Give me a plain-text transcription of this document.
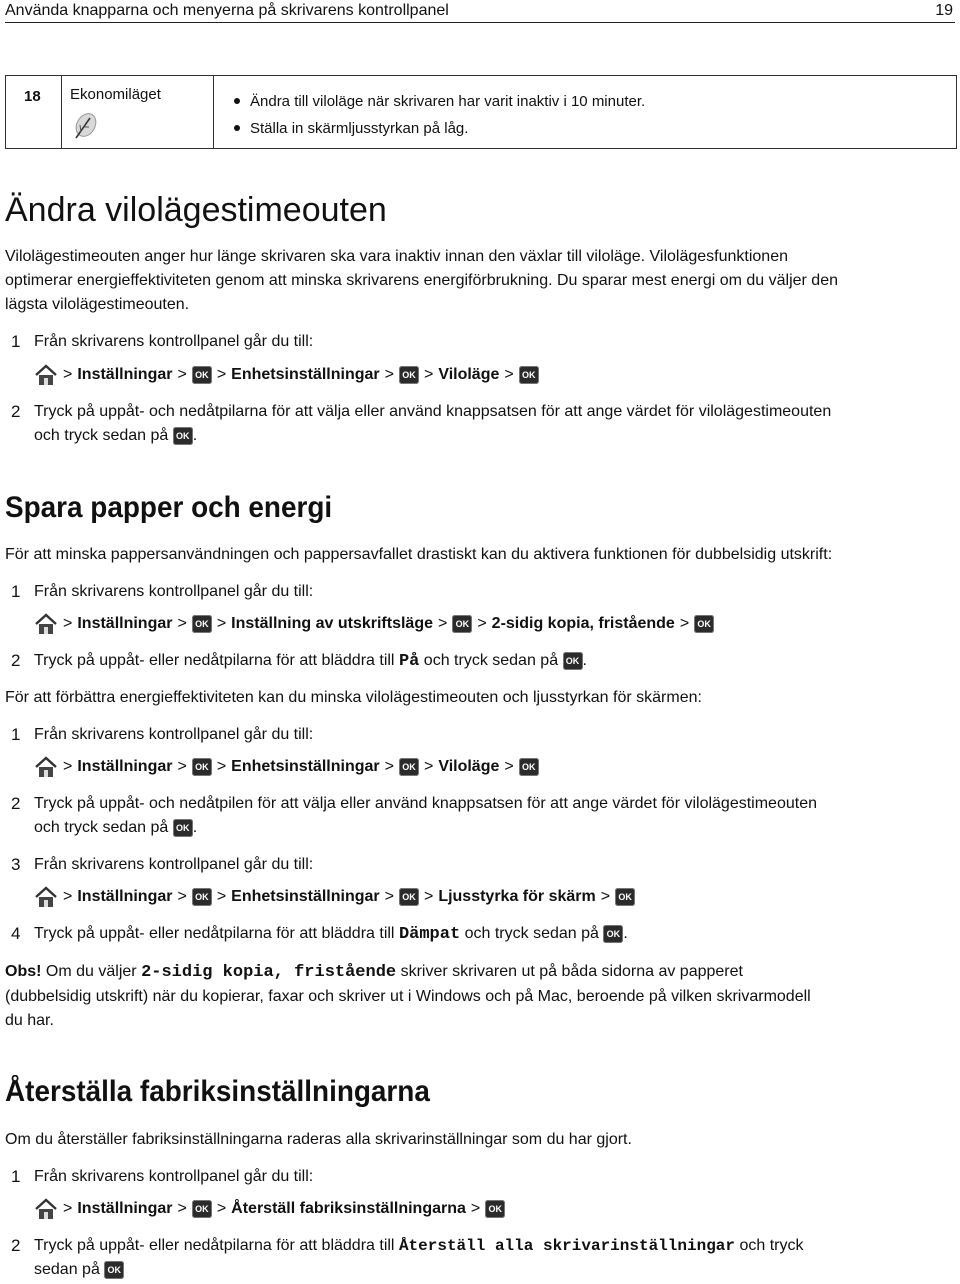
Använda knapparna och menyerna på skrivarens kontrollpanel	19
18	Ekonomiläget	Ändra till viloläge när skrivaren har varit inaktiv i 10 minuter.
Ställa in skärmljusstyrkan på låg.
Ändra vilolägestimeouten
Vilolägestimeouten anger hur länge skrivaren ska vara inaktiv innan den växlar till viloläge. Vilolägesfunktionen
optimerar energieffektiviteten genom att minska skrivarens energiförbrukning. Du sparar mest energi om du väljer den
lägsta vilolägestimeouten.
1 Från skrivarens kontrollpanel går du till:
> Inställningar > OK > Enhetsinställningar > OK > Viloläge > OK
2 Tryck på uppåt- och nedåtpilarna för att välja eller använd knappsatsen för att ange värdet för vilolägestimeouten
och tryck sedan på OK .
Spara papper och energi
För att minska pappersanvändningen och pappersavfallet drastiskt kan du aktivera funktionen för dubbelsidig utskrift:
1 Från skrivarens kontrollpanel går du till:
> Inställningar > OK > Inställning av utskriftsläge > OK > 2-sidig kopia, fristående > OK
2 Tryck på uppåt- eller nedåtpilarna för att bläddra till På och tryck sedan på OK .
För att förbättra energieffektiviteten kan du minska vilolägestimeouten och ljusstyrkan för skärmen:
1 Från skrivarens kontrollpanel går du till:
> Inställningar > OK > Enhetsinställningar > OK > Viloläge > OK
2 Tryck på uppåt- och nedåtpilen för att välja eller använd knappsatsen för att ange värdet för vilolägestimeouten
och tryck sedan på OK .
3 Från skrivarens kontrollpanel går du till:
> Inställningar > OK > Enhetsinställningar > OK > Ljusstyrka för skärm > OK
4 Tryck på uppåt- eller nedåtpilarna för att bläddra till Dämpat och tryck sedan på OK .
Obs! Om du väljer 2-sidig kopia, fristående skriver skrivaren ut på båda sidorna av papperet
(dubbelsidig utskrift) när du kopierar, faxar och skriver ut i Windows och på Mac, beroende på vilken skrivarmodell
du har.
Återställa fabriksinställningarna
Om du återställer fabriksinställningarna raderas alla skrivarinställningar som du har gjort.
1 Från skrivarens kontrollpanel går du till:
> Inställningar > OK > Återställ fabriksinställningarna > OK
2 Tryck på uppåt- eller nedåtpilarna för att bläddra till Återställ alla skrivarinställningar och tryck
sedan på OK
